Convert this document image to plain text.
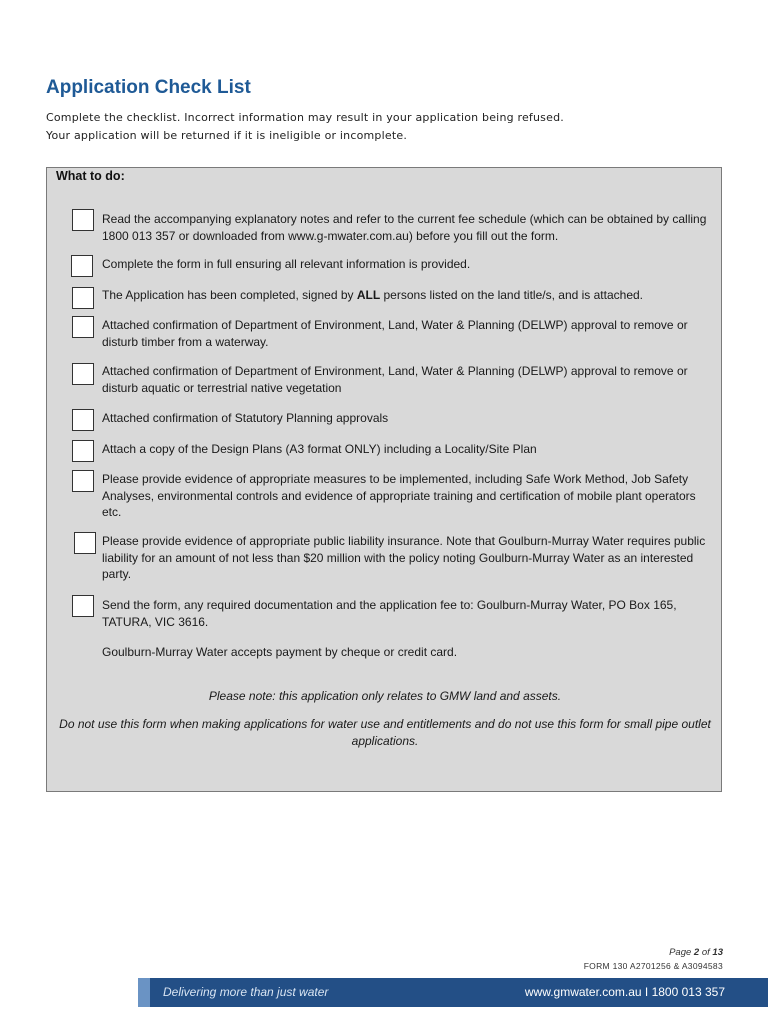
Application Check List
Complete the checklist. Incorrect information may result in your application being refused.
Your application will be returned if it is ineligible or incomplete.
What to do:
Read the accompanying explanatory notes and refer to the current fee schedule (which can be obtained by calling 1800 013 357 or downloaded from www.g-mwater.com.au) before you fill out the form.
Complete the form in full ensuring all relevant information is provided.
The Application has been completed, signed by ALL persons listed on the land title/s, and is attached.
Attached confirmation of Department of Environment, Land, Water & Planning (DELWP) approval to remove or disturb timber from a waterway.
Attached confirmation of Department of Environment, Land, Water & Planning (DELWP) approval to remove or disturb aquatic or terrestrial native vegetation
Attached confirmation of Statutory Planning approvals
Attach a copy of the Design Plans (A3 format ONLY) including a Locality/Site Plan
Please provide evidence of appropriate measures to be implemented, including Safe Work Method, Job Safety Analyses, environmental controls and evidence of appropriate training and certification of mobile plant operators etc.
Please provide evidence of appropriate public liability insurance. Note that Goulburn-Murray Water requires public liability for an amount of not less than $20 million with the policy noting Goulburn-Murray Water as an interested party.
Send the form, any required documentation and the application fee to: Goulburn-Murray Water, PO Box 165, TATURA, VIC 3616.
Goulburn-Murray Water accepts payment by cheque or credit card.
Please note: this application only relates to GMW land and assets.
Do not use this form when making applications for water use and entitlements and do not use this form for small pipe outlet applications.
Page 2 of 13
FORM 130 A2701256 & A3094583
Delivering more than just water	www.gmwater.com.au I 1800 013 357
